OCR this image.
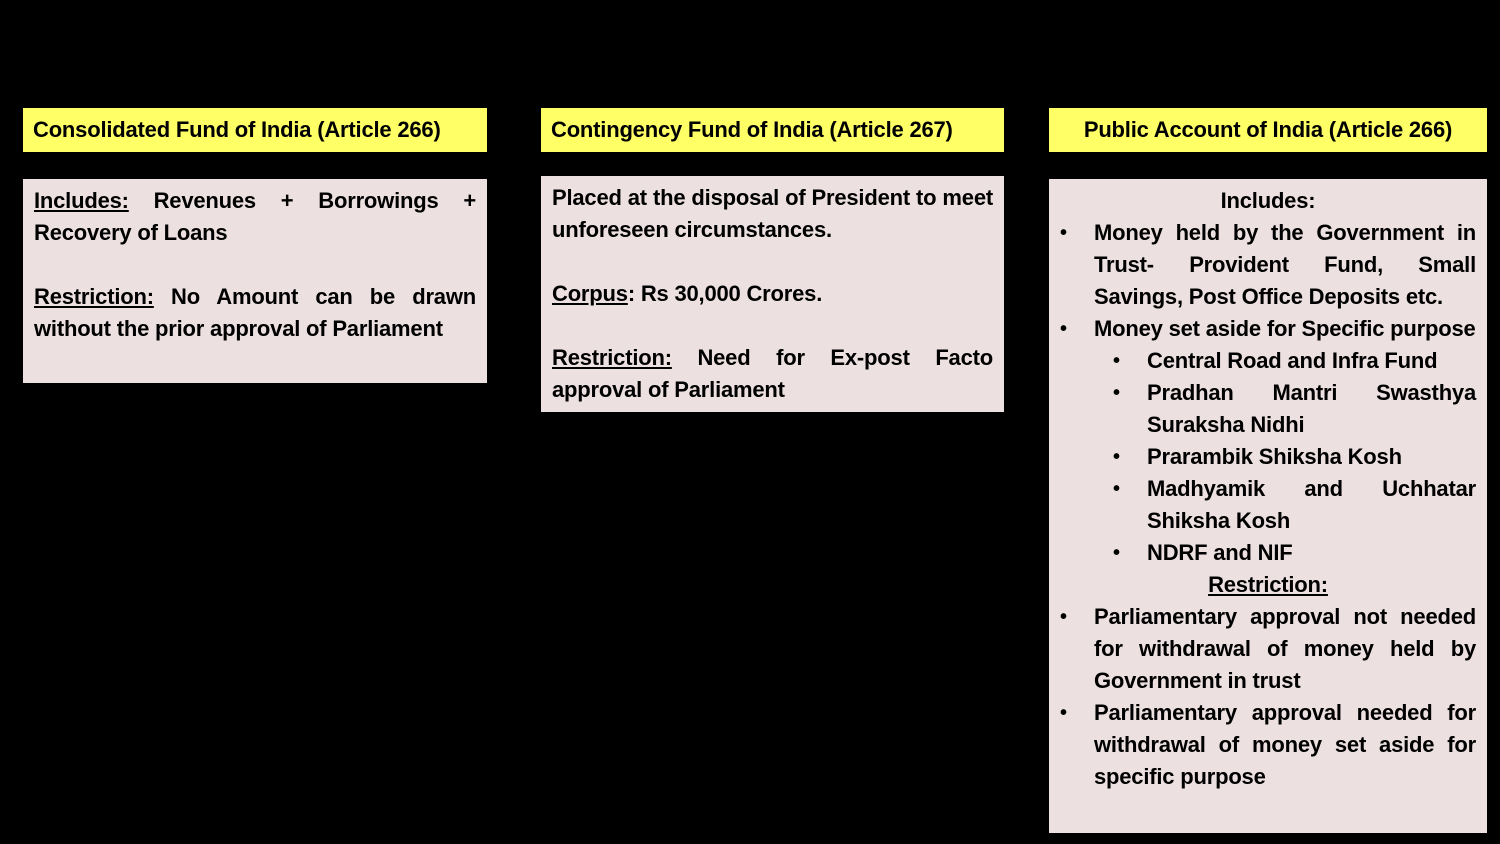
Consolidated Fund of India (Article 266)

Includes: Revenues + Borrowings + Recovery of Loans

Restriction: No Amount can be drawn without the prior approval of Parliament

Contingency Fund of India (Article 267)

Placed at the disposal of President to meet unforeseen circumstances.

Corpus: Rs 30,000 Crores.

Restriction: Need for Ex-post Facto approval of Parliament

Public Account of India (Article 266)
Includes:
• Money held by the Government in Trust- Provident Fund, Small Savings, Post Office Deposits etc.
• Money set aside for Specific purpose
• Central Road and Infra Fund
• Pradhan Mantri Swasthya Suraksha Nidhi
• Prarambik Shiksha Kosh
• Madhyamik and Uchhatar Shiksha Kosh
• NDRF and NIF
Restriction:
• Parliamentary approval not needed for withdrawal of money held by Government in trust
• Parliamentary approval needed for withdrawal of money set aside for specific purpose
